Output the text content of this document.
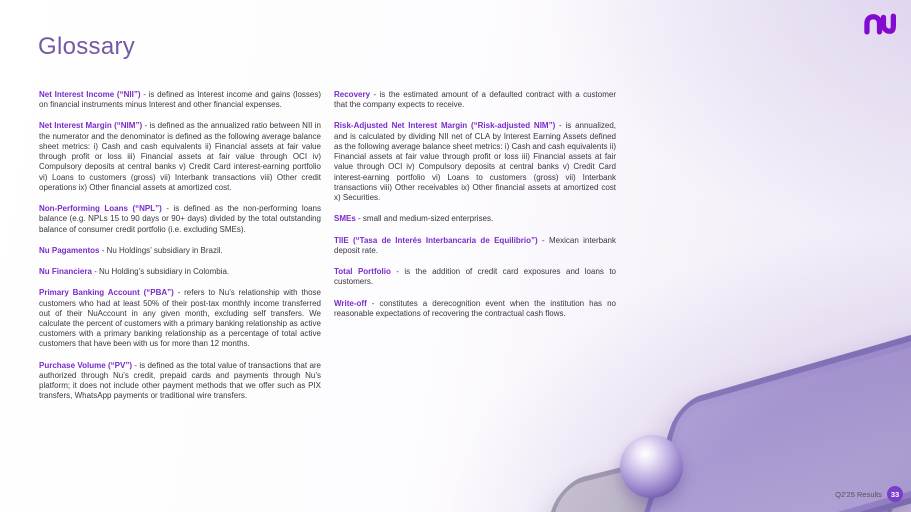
Glossary

Net Interest Income (“NII”) - is defined as Interest income and gains (losses) on financial instruments minus Interest and other financial expenses.

Net Interest Margin (“NIM”) - is defined as the annualized ratio between NII in the numerator and the denominator is defined as the following average balance sheet metrics: i) Cash and cash equivalents ii) Financial assets at fair value through profit or loss iii) Financial assets at fair value through OCI iv) Compulsory deposits at central banks v) Credit Card interest-earning portfolio vi) Loans to customers (gross) vii) Interbank transactions viii) Other credit operations ix) Other financial assets at amortized cost.

Non-Performing Loans (“NPL”) - is defined as the non-performing loans balance (e.g. NPLs 15 to 90 days or 90+ days) divided by the total outstanding balance of consumer credit portfolio (i.e. excluding SMEs).

Nu Pagamentos - Nu Holdings’ subsidiary in Brazil.

Nu Financiera - Nu Holding’s subsidiary in Colombia.

Primary Banking Account (“PBA”) - refers to Nu’s relationship with those customers who had at least 50% of their post-tax monthly income transferred out of their NuAccount in any given month, excluding self transfers. We calculate the percent of customers with a primary banking relationship as active customers with a primary banking relationship as a percentage of total active customers that have been with us for more than 12 months.

Purchase Volume (“PV”) - is defined as the total value of transactions that are authorized through Nu’s credit, prepaid cards and payments through Nu’s platform; it does not include other payment methods that we offer such as PIX transfers, WhatsApp payments or traditional wire transfers.

Recovery - is the estimated amount of a defaulted contract with a customer that the company expects to receive.

Risk-Adjusted Net Interest Margin (“Risk-adjusted NIM”) - is annualized, and is calculated by dividing NII net of CLA by Interest Earning Assets defined as the following average balance sheet metrics: i) Cash and cash equivalents ii) Financial assets at fair value through profit or loss iii) Financial assets at fair value through OCI iv) Compulsory deposits at central banks v) Credit Card interest-earning portfolio vi) Loans to customers (gross) vii) Interbank transactions viii) Other receivables ix) Other financial assets at amortized cost x) Securities.

SMEs - small and medium-sized enterprises.

TIIE (“Tasa de Interés Interbancaria de Equilibrio”) - Mexican interbank deposit rate.

Total Portfolio - is the addition of credit card exposures and loans to customers.

Write-off - constitutes a derecognition event when the institution has no reasonable expectations of recovering the contractual cash flows.

Q2'25 Results	33
